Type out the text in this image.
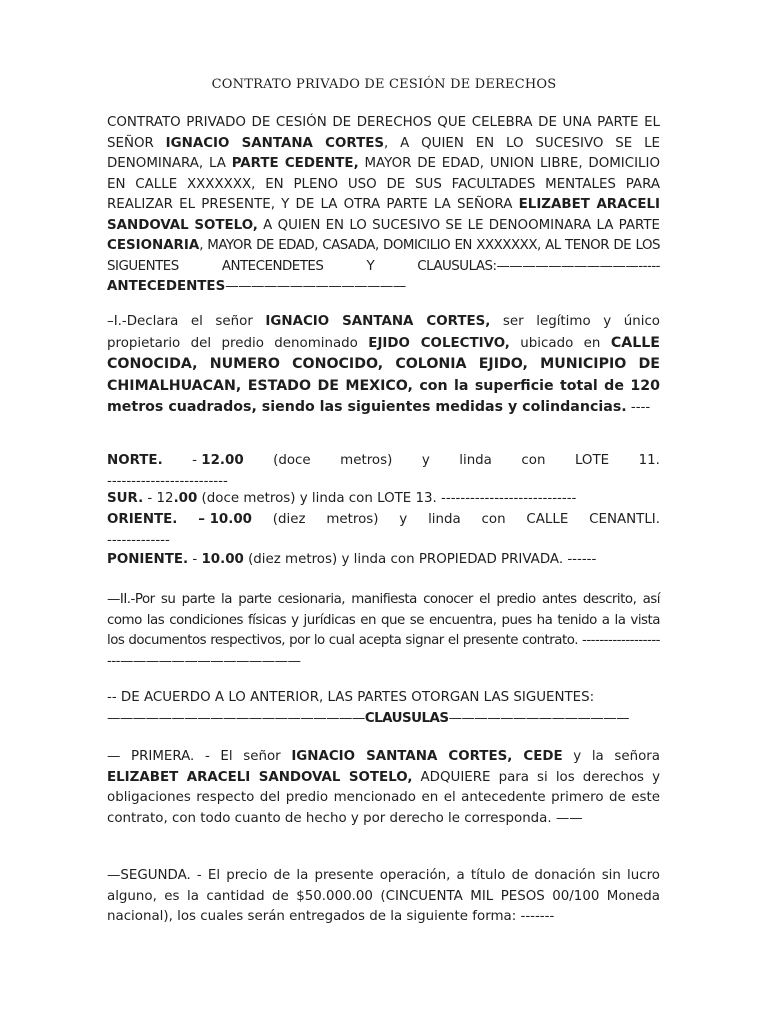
CONTRATO PRIVADO DE CESIÓN DE DERECHOS

CONTRATO PRIVADO DE CESIÓN DE DERECHOS QUE CELEBRA DE UNA PARTE EL SEÑOR IGNACIO SANTANA CORTES, A QUIEN EN LO SUCESIVO SE LE DENOMINARA, LA PARTE CEDENTE, MAYOR DE EDAD, UNION LIBRE, DOMICILIO EN CALLE XXXXXXX, EN PLENO USO DE SUS FACULTADES MENTALES PARA REALIZAR EL PRESENTE, Y DE LA OTRA PARTE LA SEÑORA ELIZABET ARACELI SANDOVAL SOTELO, A QUIEN EN LO SUCESIVO SE LE DENOOMINARA LA PARTE CESIONARIA, MAYOR DE EDAD, CASADA, DOMICILIO EN XXXXXXX, AL TENOR DE LOS SIGUENTES ANTECENDETES Y CLAUSULAS:———————————-----ANTECEDENTES——————————————

–I.-Declara el señor IGNACIO SANTANA CORTES, ser legítimo y único propietario del predio denominado EJIDO COLECTIVO, ubicado en CALLE CONOCIDA, NUMERO CONOCIDO, COLONIA EJIDO, MUNICIPIO DE CHIMALHUACAN, ESTADO DE MEXICO, con la superficie total de 120 metros cuadrados, siendo las siguientes medidas y colindancias. ----

NORTE. - 12.00 (doce metros) y linda con LOTE 11.
-------------------------
SUR. - 12.00 (doce metros) y linda con LOTE 13. ----------------------------
ORIENTE. – 10.00 (diez metros) y linda con CALLE CENANTLI.
-------------
PONIENTE. - 10.00 (diez metros) y linda con PROPIEDAD PRIVADA. ------

—II.-Por su parte la parte cesionaria, manifiesta conocer el predio antes descrito, así como las condiciones físicas y jurídicas en que se encuentra, pues ha tenido a la vista los documentos respectivos, por lo cual acepta signar el presente contrato. ---------------------——————————————

-- DE ACUERDO A LO ANTERIOR, LAS PARTES OTORGAN LAS SIGUENTES:
————————————————————CLAUSULAS——————————————

— PRIMERA. - El señor IGNACIO SANTANA CORTES, CEDE y la señora ELIZABET ARACELI SANDOVAL SOTELO, ADQUIERE para si los derechos y obligaciones respecto del predio mencionado en el antecedente primero de este contrato, con todo cuanto de hecho y por derecho le corresponda. ——

—SEGUNDA. - El precio de la presente operación, a título de donación sin lucro alguno, es la cantidad de $50.000.00 (CINCUENTA MIL PESOS 00/100 Moneda nacional), los cuales serán entregados de la siguiente forma: -------
